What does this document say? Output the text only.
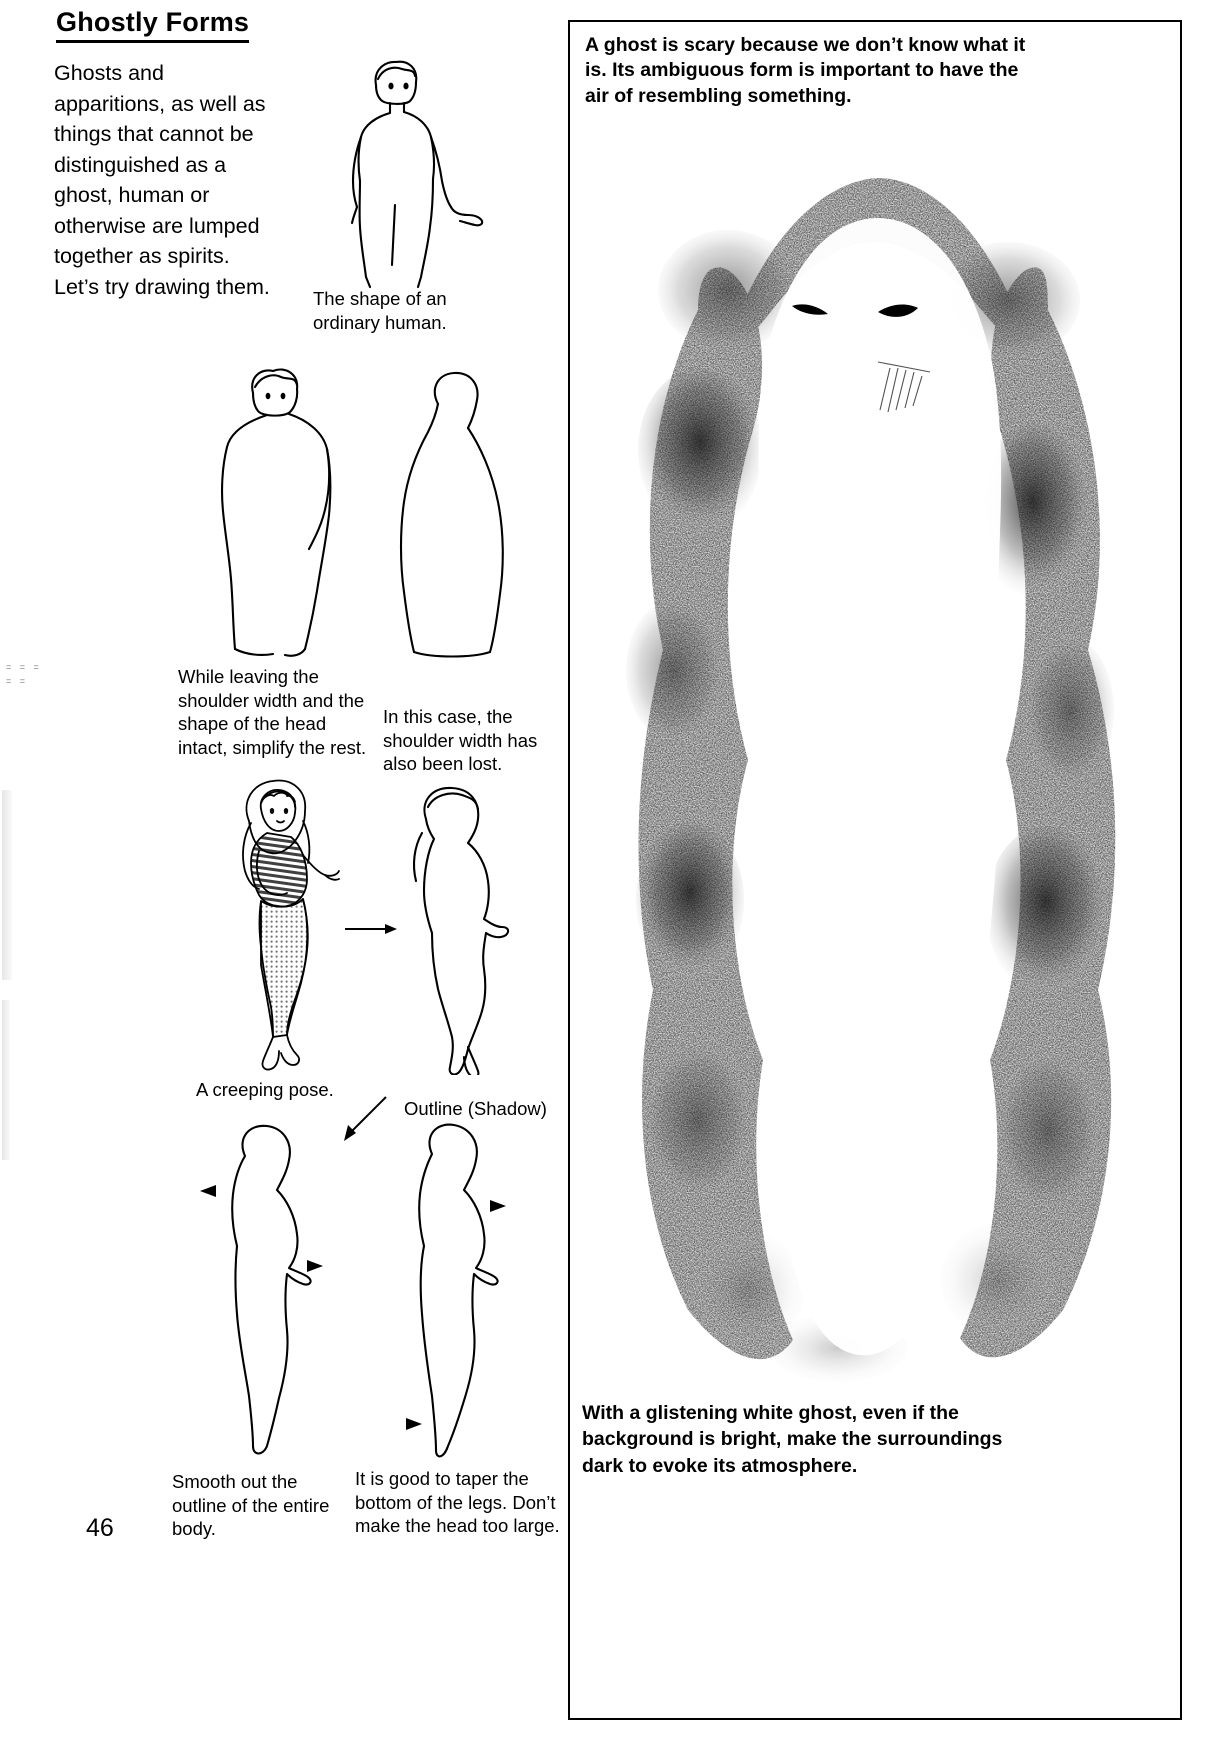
Ghostly Forms
Ghosts and apparitions, as well as things that cannot be distinguished as a ghost, human or otherwise are lumped together as spirits. Let’s try drawing them.
= = =
= =
The shape of an ordinary human.
While leaving the shoulder width and the shape of the head intact, simplify the rest.
In this case, the shoulder width has also been lost.
A creeping pose.
Outline (Shadow)
Smooth out the outline of the entire body.
It is good to taper the bottom of the legs. Don’t make the head too large.
46
A ghost is scary because we don’t know what it is. Its ambiguous form is important to have the air of resembling something.
With a glistening white ghost, even if the background is bright, make the surroundings dark to evoke its atmosphere.
